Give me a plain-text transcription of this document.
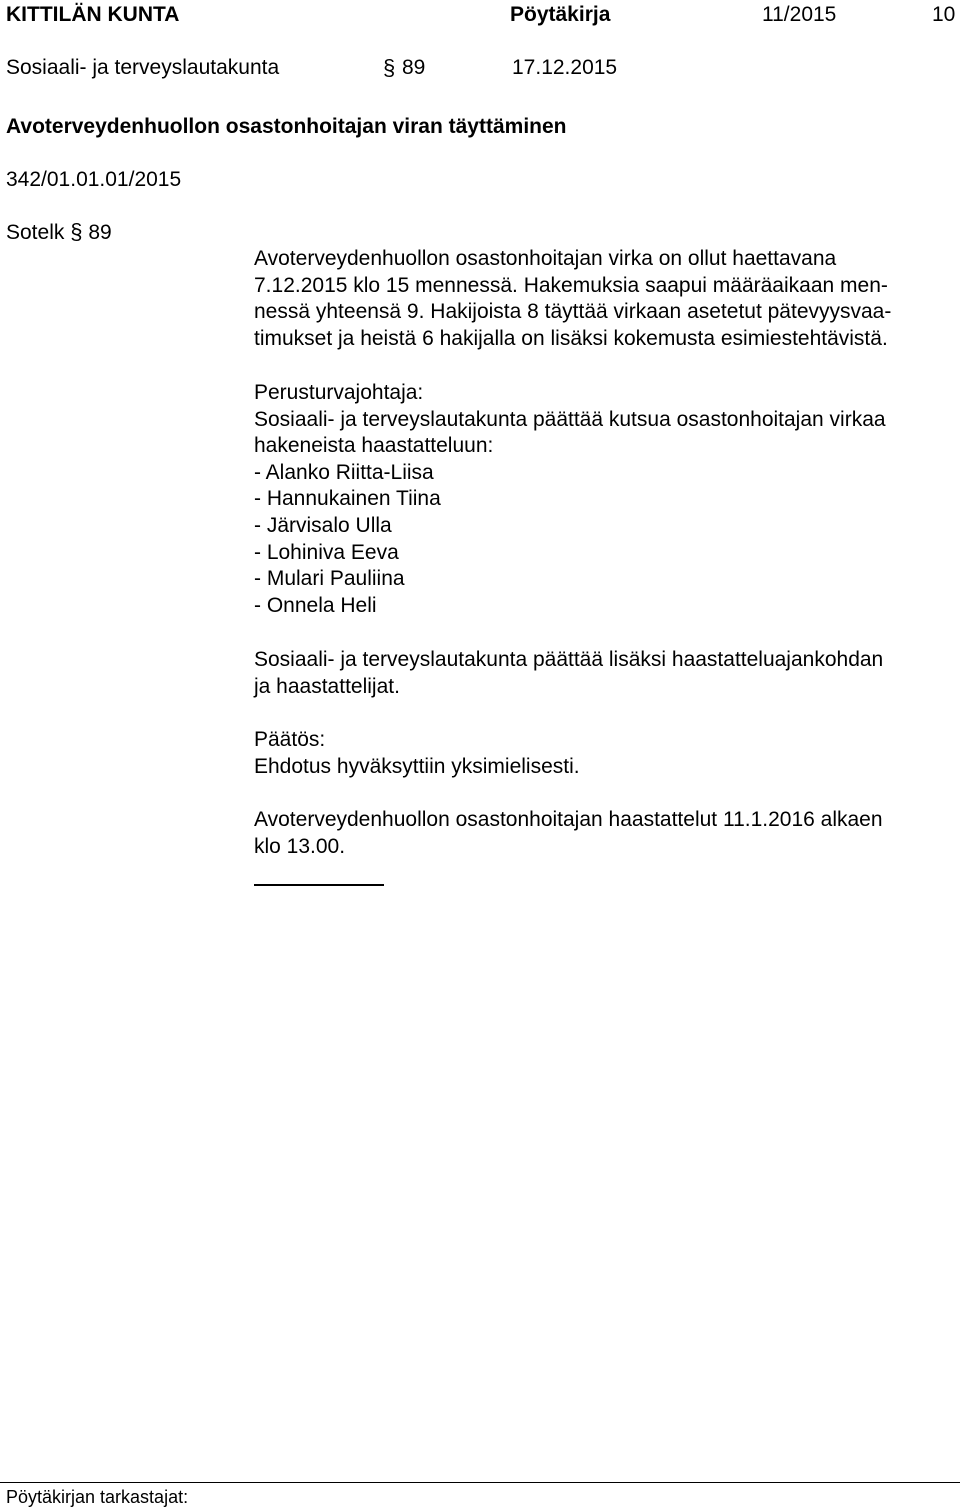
KITTILÄN KUNTA	Pöytäkirja	11/2015	10
Sosiaali- ja terveyslautakunta	§ 89	17.12.2015
Avoterveydenhuollon osastonhoitajan viran täyttäminen
342/01.01.01/2015
Sotelk § 89
Avoterveydenhuollon osastonhoitajan virka on ollut haettavana
7.12.2015 klo 15 mennessä. Hakemuksia saapui määräaikaan men-
nessä yhteensä 9. Hakijoista 8 täyttää virkaan asetetut pätevyysvaa-
timukset ja heistä 6 hakijalla on lisäksi kokemusta esimiestehtävistä.
Perusturvajohtaja:
Sosiaali- ja terveyslautakunta päättää kutsua osastonhoitajan virkaa
hakeneista haastatteluun:
- Alanko Riitta-Liisa
- Hannukainen Tiina
- Järvisalo Ulla
- Lohiniva Eeva
- Mulari Pauliina
- Onnela Heli
Sosiaali- ja terveyslautakunta päättää lisäksi haastatteluajankohdan
ja haastattelijat.
Päätös:
Ehdotus hyväksyttiin yksimielisesti.
Avoterveydenhuollon osastonhoitajan haastattelut 11.1.2016 alkaen
klo 13.00.
Pöytäkirjan tarkastajat:
